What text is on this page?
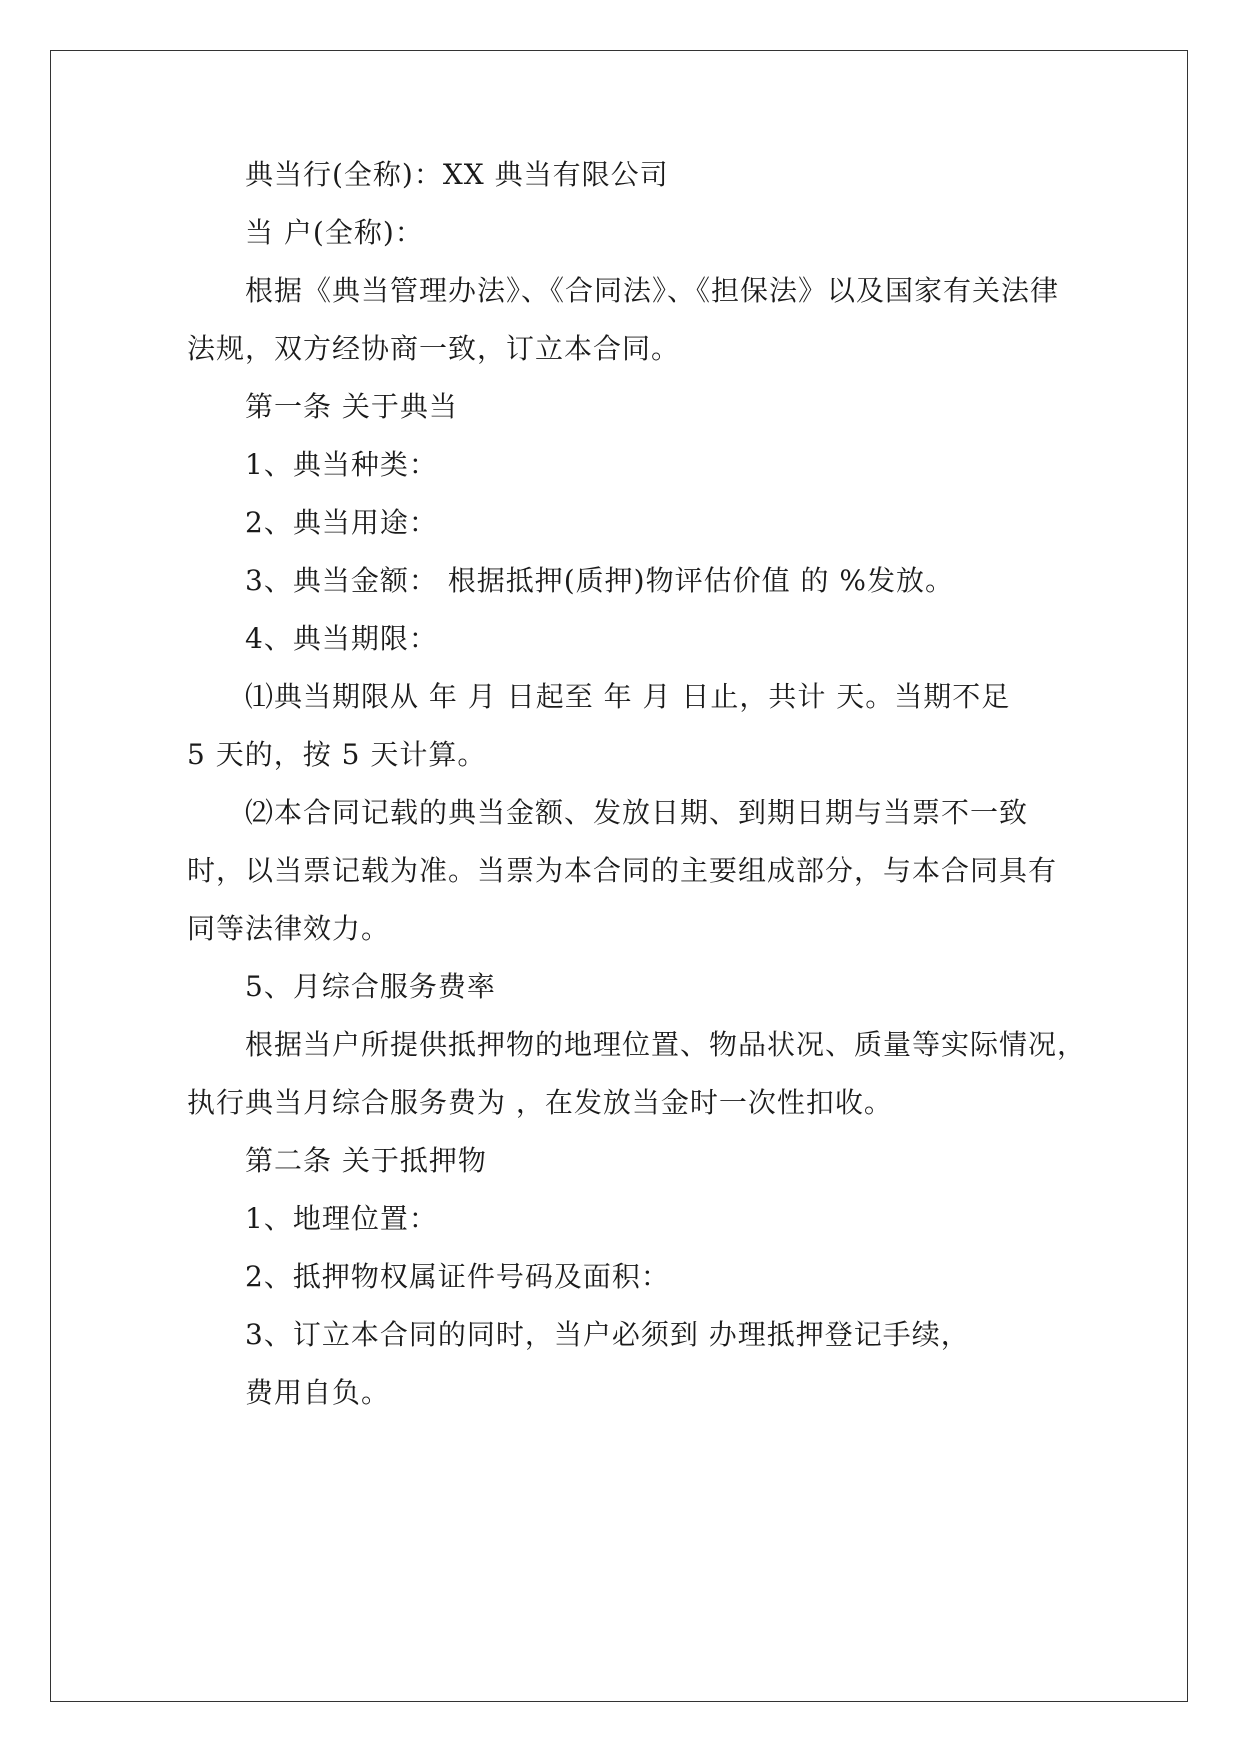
典当行(全称)：XX 典当有限公司
当 户(全称)：
根据《典当管理办法》、《合同法》、《担保法》以及国家有关法律
法规，双方经协商一致，订立本合同。
第一条 关于典当
1、典当种类：
2、典当用途：
3、典当金额： 根据抵押(质押)物评估价值 的 %发放。
4、典当期限：
⑴典当期限从 年 月 日起至 年 月 日止，共计 天。当期不足
5 天的，按 5 天计算。
⑵本合同记载的典当金额、发放日期、到期日期与当票不一致
时，以当票记载为准。当票为本合同的主要组成部分，与本合同具有
同等法律效力。
5、月综合服务费率
根据当户所提供抵押物的地理位置、物品状况、质量等实际情况，
执行典当月综合服务费为 ，在发放当金时一次性扣收。
第二条 关于抵押物
1、地理位置：
2、抵押物权属证件号码及面积：
3、订立本合同的同时，当户必须到 办理抵押登记手续，
费用自负。
